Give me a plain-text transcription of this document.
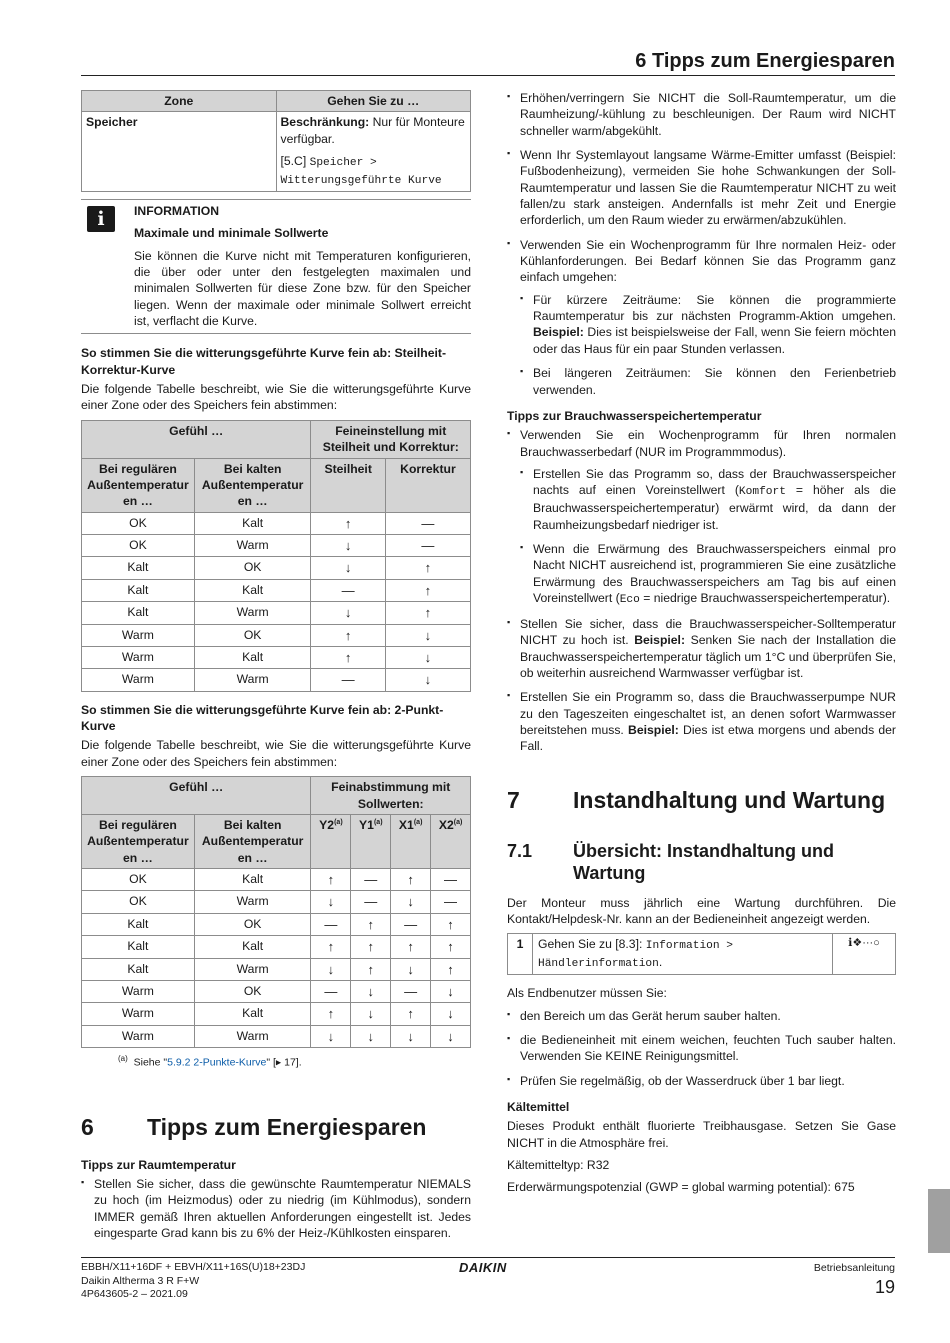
6 Tipps zum Energiesparen
Zone	Gehen Sie zu …
Speicher	Beschränkung: Nur für Monteure verfügbar.
[5.C] Speicher > Witterungsgeführte Kurve
i	INFORMATION

Maximale und minimale Sollwerte

Sie können die Kurve nicht mit Temperaturen konfigurieren, die über oder unter den festgelegten maximalen und minimalen Sollwerten für diese Zone bzw. für den Speicher liegen. Wenn der maximale oder minimale Sollwert erreicht ist, verflacht die Kurve.

So stimmen Sie die witterungsgeführte Kurve fein ab: Steilheit-Korrektur-Kurve

Die folgende Tabelle beschreibt, wie Sie die witterungsgeführte Kurve einer Zone oder des Speichers fein abstimmen:

Gefühl …		Feineinstellung mit Steilheit und Korrektur:	
Bei regulären Außentemperatur en …	Bei kalten Außentemperatur en …	Steilheit	Korrektur
OK	Kalt	↑	—
OK	Warm	↓	—
Kalt	OK	↓	↑
Kalt	Kalt	—	↑
Kalt	Warm	↓	↑
Warm	OK	↑	↓
Warm	Kalt	↑	↓
Warm	Warm	—	↓
So stimmen Sie die witterungsgeführte Kurve fein ab: 2-Punkt-Kurve

Die folgende Tabelle beschreibt, wie Sie die witterungsgeführte Kurve einer Zone oder des Speichers fein abstimmen:

Gefühl …		Feinabstimmung mit Sollwerten:			
Bei regulären Außentemperatur en …	Bei kalten Außentemperatur en …	Y2$^{(a)}$	Y1$^{(a)}$	X1$^{(a)}$	X2$^{(a)}$
OK	Kalt	↑	—	↑	—
OK	Warm	↓	—	↓	—
Kalt	OK	—	↑	—	↑
Kalt	Kalt	↑	↑	↑	↑
Kalt	Warm	↓	↑	↓	↑
Warm	OK	—	↓	—	↓
Warm	Kalt	↑	↓	↑	↓
Warm	Warm	↓	↓	↓	↓
$^{(a)}$ Siehe "5.9.2 2-Punkte-Kurve" [▸ 17].
6	Tipps zum Energiesparen
Tipps zur Raumtemperatur
▪ Stellen Sie sicher, dass die gewünschte Raumtemperatur NIEMALS zu hoch (im Heizmodus) oder zu niedrig (im Kühlmodus), sondern IMMER gemäß Ihren aktuellen Anforderungen eingestellt ist. Jedes eingesparte Grad kann bis zu 6% der Heiz-/Kühlkosten einsparen.
▪ Erhöhen/verringern Sie NICHT die Soll-Raumtemperatur, um die Raumheizung/-kühlung zu beschleunigen. Der Raum wird NICHT schneller warm/abgekühlt.
▪ Wenn Ihr Systemlayout langsame Wärme-Emitter umfasst (Beispiel: Fußbodenheizung), vermeiden Sie hohe Schwankungen der Soll-Raumtemperatur und lassen Sie die Raumtemperatur NICHT zu weit fallen/zu stark ansteigen. Andernfalls ist mehr Zeit und Energie erforderlich, um den Raum wieder zu erwärmen/abzukühlen.
▪ Verwenden Sie ein Wochenprogramm für Ihre normalen Heiz- oder Kühlanforderungen. Bei Bedarf können Sie das Programm ganz einfach umgehen:
▪ Für kürzere Zeiträume: Sie können die programmierte Raumtemperatur bis zur nächsten Programm-Aktion umgehen. Beispiel: Dies ist beispielsweise der Fall, wenn Sie feiern möchten oder das Haus für ein paar Stunden verlassen.
▪ Bei längeren Zeiträumen: Sie können den Ferienbetrieb verwenden.
Tipps zur Brauchwasserspeichertemperatur
▪ Verwenden Sie ein Wochenprogramm für Ihren normalen Brauchwasserbedarf (NUR im Programmmodus).
▪ Erstellen Sie das Programm so, dass der Brauchwasserspeicher nachts auf einen Voreinstellwert (Komfort = höher als die Brauchwasserspeichertemperatur) erwärmt wird, da dann der Raumheizungsbedarf niedriger ist.
▪ Wenn die Erwärmung des Brauchwasserspeichers einmal pro Nacht NICHT ausreichend ist, programmieren Sie eine zusätzliche Erwärmung des Brauchwasserspeichers am Tag bis auf einen Voreinstellwert (Eco = niedrige Brauchwasserspeichertemperatur).
▪ Stellen Sie sicher, dass die Brauchwasserspeicher-Solltemperatur NICHT zu hoch ist. Beispiel: Senken Sie nach der Installation die Brauchwasserspeichertemperatur täglich um 1°C und überprüfen Sie, ob weiterhin ausreichend Warmwasser verfügbar ist.
▪ Erstellen Sie ein Programm so, dass die Brauchwasserpumpe NUR zu den Tageszeiten eingeschaltet ist, an denen sofort Warmwasser bereitstehen muss. Beispiel: Dies ist etwa morgens und abends der Fall.
7	Instandhaltung und Wartung
7.1	Übersicht: Instandhaltung und Wartung

Der Monteur muss jährlich eine Wartung durchführen. Die Kontakt/Helpdesk-Nr. kann an der Bedieneinheit angezeigt werden.

1	Gehen Sie zu [8.3]: Information > Händlerinformation.	ℹ︎❖···○

Als Endbenutzer müssen Sie:

▪ den Bereich um das Gerät herum sauber halten.
▪ die Bedieneinheit mit einem weichen, feuchten Tuch sauber halten. Verwenden Sie KEINE Reinigungsmittel.
▪ Prüfen Sie regelmäßig, ob der Wasserdruck über 1 bar liegt.
Kältemittel

Dieses Produkt enthält fluorierte Treibhausgase. Setzen Sie Gase NICHT in die Atmosphäre frei.

Kältemitteltyp: R32

Erderwärmungspotenzial (GWP = global warming potential): 675

EBBH/X11+16DF + EBVH/X11+16S(U)18+23DJ
Daikin Altherma 3 R F+W
4P643605-2 – 2021.09
DAIKIN	Betriebsanleitung
19
